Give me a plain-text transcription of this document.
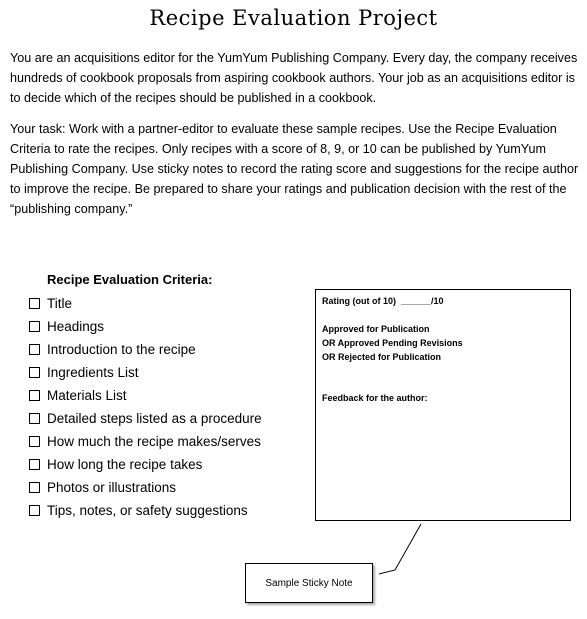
Recipe Evaluation Project
You are an acquisitions editor for the YumYum Publishing Company. Every day, the company receives hundreds of cookbook proposals from aspiring cookbook authors. Your job as an acquisitions editor is to decide which of the recipes should be published in a cookbook.
Your task: Work with a partner-editor to evaluate these sample recipes. Use the Recipe Evaluation Criteria to rate the recipes. Only recipes with a score of 8, 9, or 10 can be published by YumYum Publishing Company. Use sticky notes to record the rating score and suggestions for the recipe author to improve the recipe. Be prepared to share your ratings and publication decision with the rest of the “publishing company.”
Recipe Evaluation Criteria:
Title
Headings
Introduction to the recipe
Ingredients List
Materials List
Detailed steps listed as a procedure
How much the recipe makes/serves
How long the recipe takes
Photos or illustrations
Tips, notes, or safety suggestions
Rating (out of 10)  ______/10
Approved for Publication
OR Approved Pending Revisions
OR Rejected for Publication
Feedback for the author:
Sample Sticky Note
